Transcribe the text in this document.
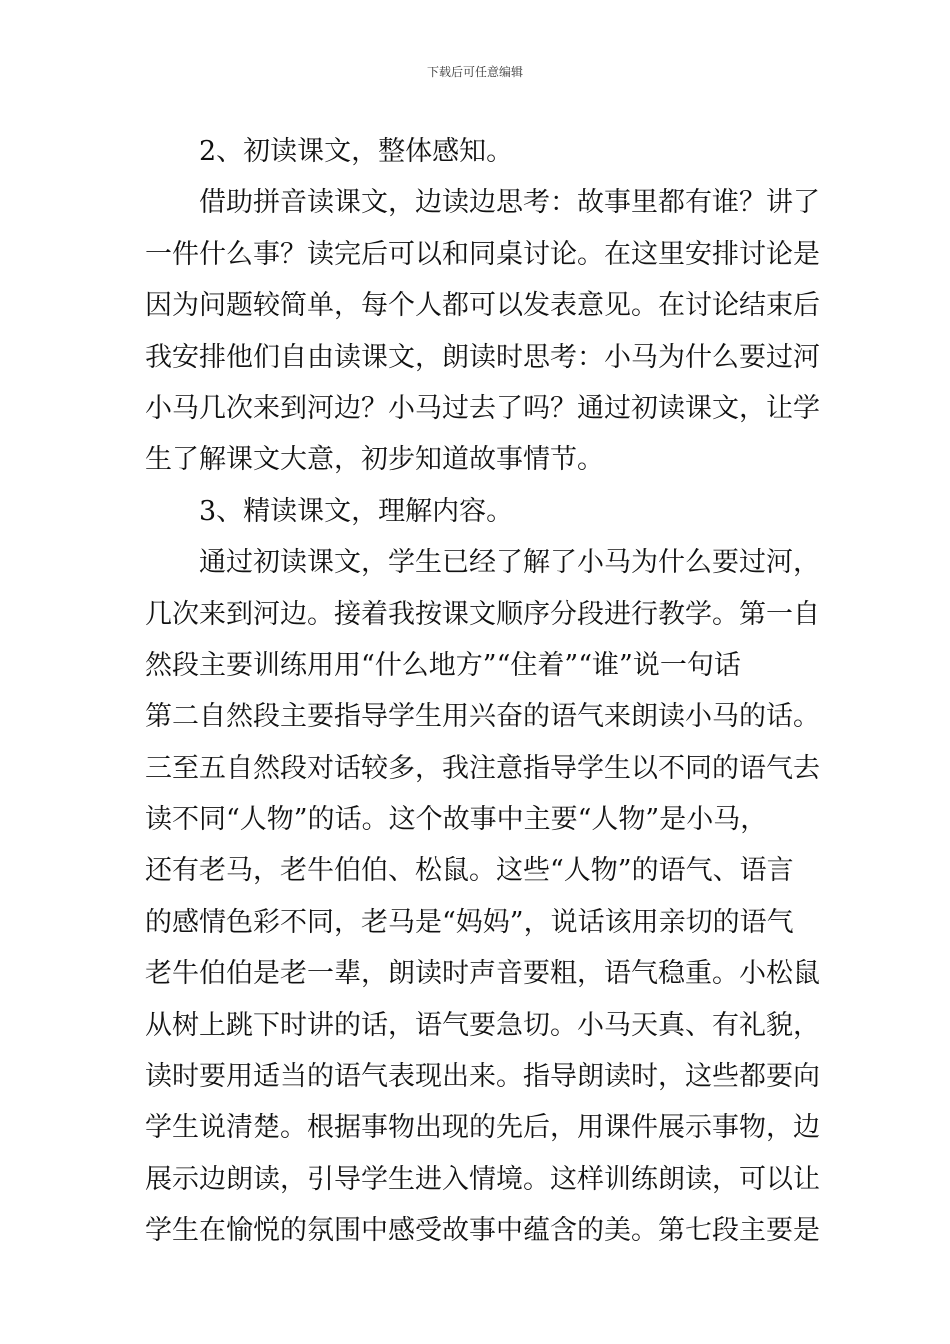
下载后可任意编辑
2、初读课文，整体感知。
借助拼音读课文，边读边思考：故事里都有谁？讲了
一件什么事？读完后可以和同桌讨论。在这里安排讨论是
因为问题较简单，每个人都可以发表意见。在讨论结束后
我安排他们自由读课文，朗读时思考：小马为什么要过河
小马几次来到河边？小马过去了吗？通过初读课文，让学
生了解课文大意，初步知道故事情节。
3、精读课文，理解内容。
通过初读课文，学生已经了解了小马为什么要过河，
几次来到河边。接着我按课文顺序分段进行教学。第一自
然段主要训练用用“什么地方”“住着”“谁”说一句话
第二自然段主要指导学生用兴奋的语气来朗读小马的话。
三至五自然段对话较多，我注意指导学生以不同的语气去
读不同“人物”的话。这个故事中主要“人物”是小马，
还有老马，老牛伯伯、松鼠。这些“人物”的语气、语言
的感情色彩不同，老马是“妈妈”，说话该用亲切的语气
老牛伯伯是老一辈，朗读时声音要粗，语气稳重。小松鼠
从树上跳下时讲的话，语气要急切。小马天真、有礼貌，
读时要用适当的语气表现出来。指导朗读时，这些都要向
学生说清楚。根据事物出现的先后，用课件展示事物，边
展示边朗读，引导学生进入情境。这样训练朗读，可以让
学生在愉悦的氛围中感受故事中蕴含的美。第七段主要是
